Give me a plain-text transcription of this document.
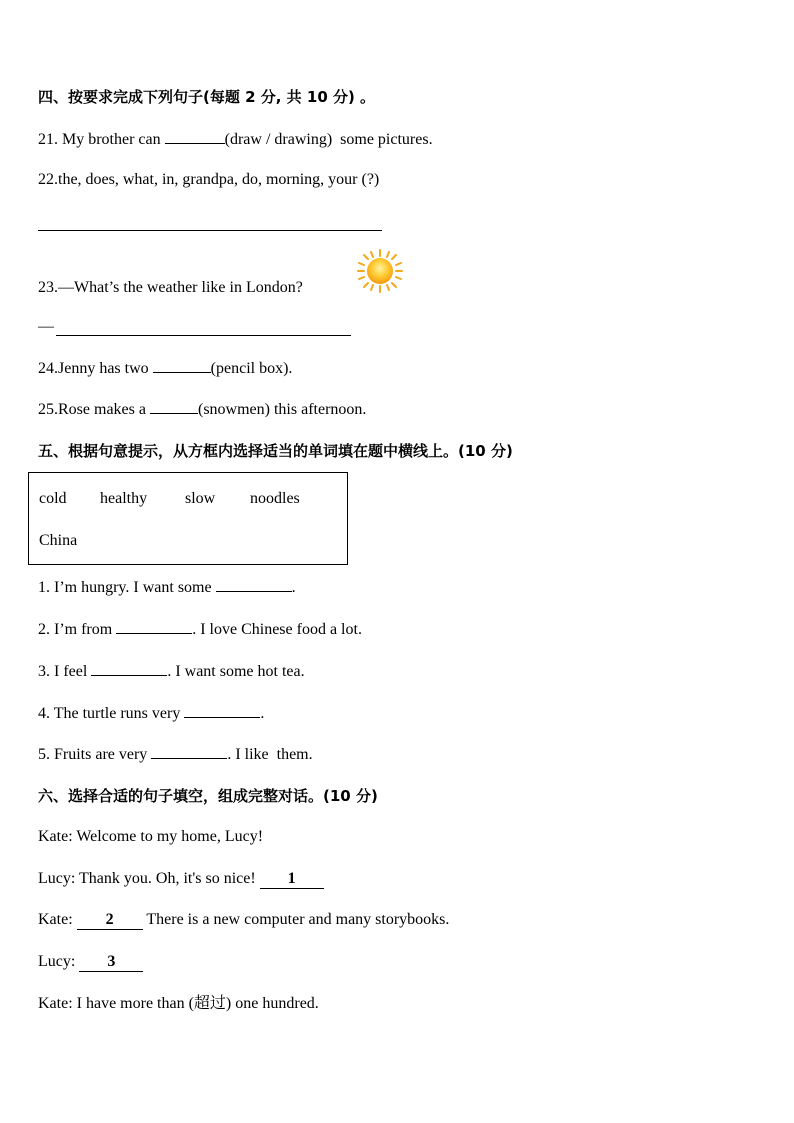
四、按要求完成下列句子(每题 2 分, 共 10 分) 。
21. My brother can	(draw / drawing)  some pictures.
22.the, does, what, in, grandpa, do, morning, your (?)
23.—What’s the weather like in London?
—
24.Jenny has two	(pencil box).
25.Rose makes a	(snowmen) this afternoon.
五、根据句意提示，从方框内选择适当的单词填在题中横线上。(10 分)
cold healthy slow noodles
China
1. I’m hungry. I want some	.
2. I’m from	. I love Chinese food a lot.
3. I feel	. I want some hot tea.
4. The turtle runs very	.
5. Fruits are very	. I like  them.
六、选择合适的句子填空，组成完整对话。(10 分)
Kate: Welcome to my home, Lucy!
Lucy: Thank you. Oh, it's so nice! 1
Kate: 2 There is a new computer and many storybooks.
Lucy: 3
Kate: I have more than (超过) one hundred.
